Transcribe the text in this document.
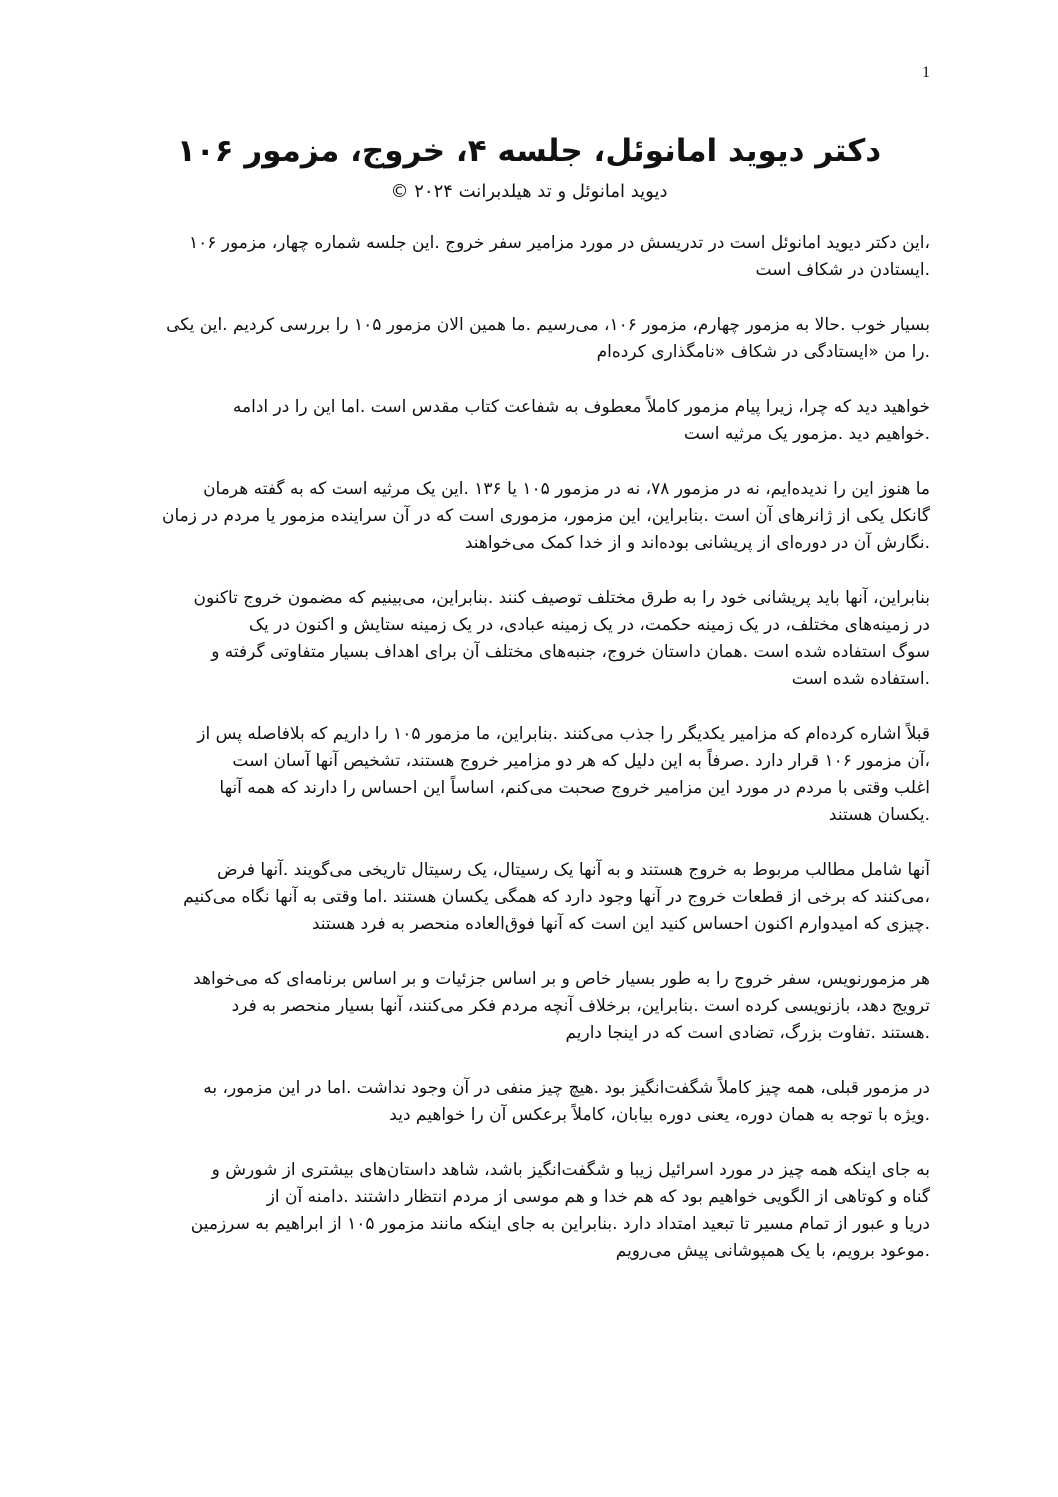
1
دکتر دیوید امانوئل، جلسه ۴، خروج، مزمور ۱۰۶

دیوید امانوئل و تد هیلدبرانت ۲۰۲۴ ©

،این دکتر دیوید امانوئل است در تدریسش در مورد مزامیر سفر خروج .این جلسه شماره چهار، مزمور ۱۰۶
.ایستادن در شکاف است

بسیار خوب .حالا به مزمور چهارم، مزمور ۱۰۶، می‌رسیم .ما همین الان مزمور ۱۰۵ را بررسی کردیم .این یکی
.را من «ایستادگی در شکاف «نامگذاری کرده‌ام

خواهید دید که چرا، زیرا پیام مزمور کاملاً معطوف به شفاعت کتاب مقدس است .اما این را در ادامه
.خواهیم دید .مزمور یک مرثیه است

ما هنوز این را ندیده‌ایم، نه در مزمور ۷۸، نه در مزمور ۱۰۵ یا ۱۳۶ .این یک مرثیه است که به گفته هرمان
گانکل یکی از ژانرهای آن است .بنابراین، این مزمور، مزموری است که در آن سراینده مزمور یا مردم در زمان
.نگارش آن در دوره‌ای از پریشانی بوده‌اند و از خدا کمک می‌خواهند

بنابراین، آنها باید پریشانی خود را به طرق مختلف توصیف کنند .بنابراین، می‌بینیم که مضمون خروج تاکنون
در زمینه‌های مختلف، در یک زمینه حکمت، در یک زمینه عبادی، در یک زمینه ستایش و اکنون در یک
سوگ استفاده شده است .همان داستان خروج، جنبه‌های مختلف آن برای اهداف بسیار متفاوتی گرفته و
.استفاده شده است

قبلاً اشاره کرده‌ام که مزامیر یکدیگر را جذب می‌کنند .بنابراین، ما مزمور ۱۰۵ را داریم که بلافاصله پس از
،آن مزمور ۱۰۶ قرار دارد .صرفاً به این دلیل که هر دو مزامیر خروج هستند، تشخیص آنها آسان است
اغلب وقتی با مردم در مورد این مزامیر خروج صحبت می‌کنم، اساساً این احساس را دارند که همه آنها
.یکسان هستند

آنها شامل مطالب مربوط به خروج هستند و به آنها یک رسیتال، یک رسیتال تاریخی می‌گویند .آنها فرض
،می‌کنند که برخی از قطعات خروج در آنها وجود دارد که همگی یکسان هستند .اما وقتی به آنها نگاه می‌کنیم
.چیزی که امیدوارم اکنون احساس کنید این است که آنها فوق‌العاده منحصر به فرد هستند

هر مزمورنویس، سفر خروج را به طور بسیار خاص و بر اساس جزئیات و بر اساس برنامه‌ای که می‌خواهد
ترویج دهد، بازنویسی کرده است .بنابراین، برخلاف آنچه مردم فکر می‌کنند، آنها بسیار منحصر به فرد
.هستند .تفاوت بزرگ، تضادی است که در اینجا داریم

در مزمور قبلی، همه چیز کاملاً شگفت‌انگیز بود .هیچ چیز منفی در آن وجود نداشت .اما در این مزمور، به
.ویژه با توجه به همان دوره، یعنی دوره بیابان، کاملاً برعکس آن را خواهیم دید

به جای اینکه همه چیز در مورد اسرائیل زیبا و شگفت‌انگیز باشد، شاهد داستان‌های بیشتری از شورش و
گناه و کوتاهی از الگویی خواهیم بود که هم خدا و هم موسی از مردم انتظار داشتند .دامنه آن از
دریا و عبور از تمام مسیر تا تبعید امتداد دارد .بنابراین به جای اینکه مانند مزمور ۱۰۵ از ابراهیم به سرزمین
.موعود برویم، با یک همپوشانی پیش می‌رویم
